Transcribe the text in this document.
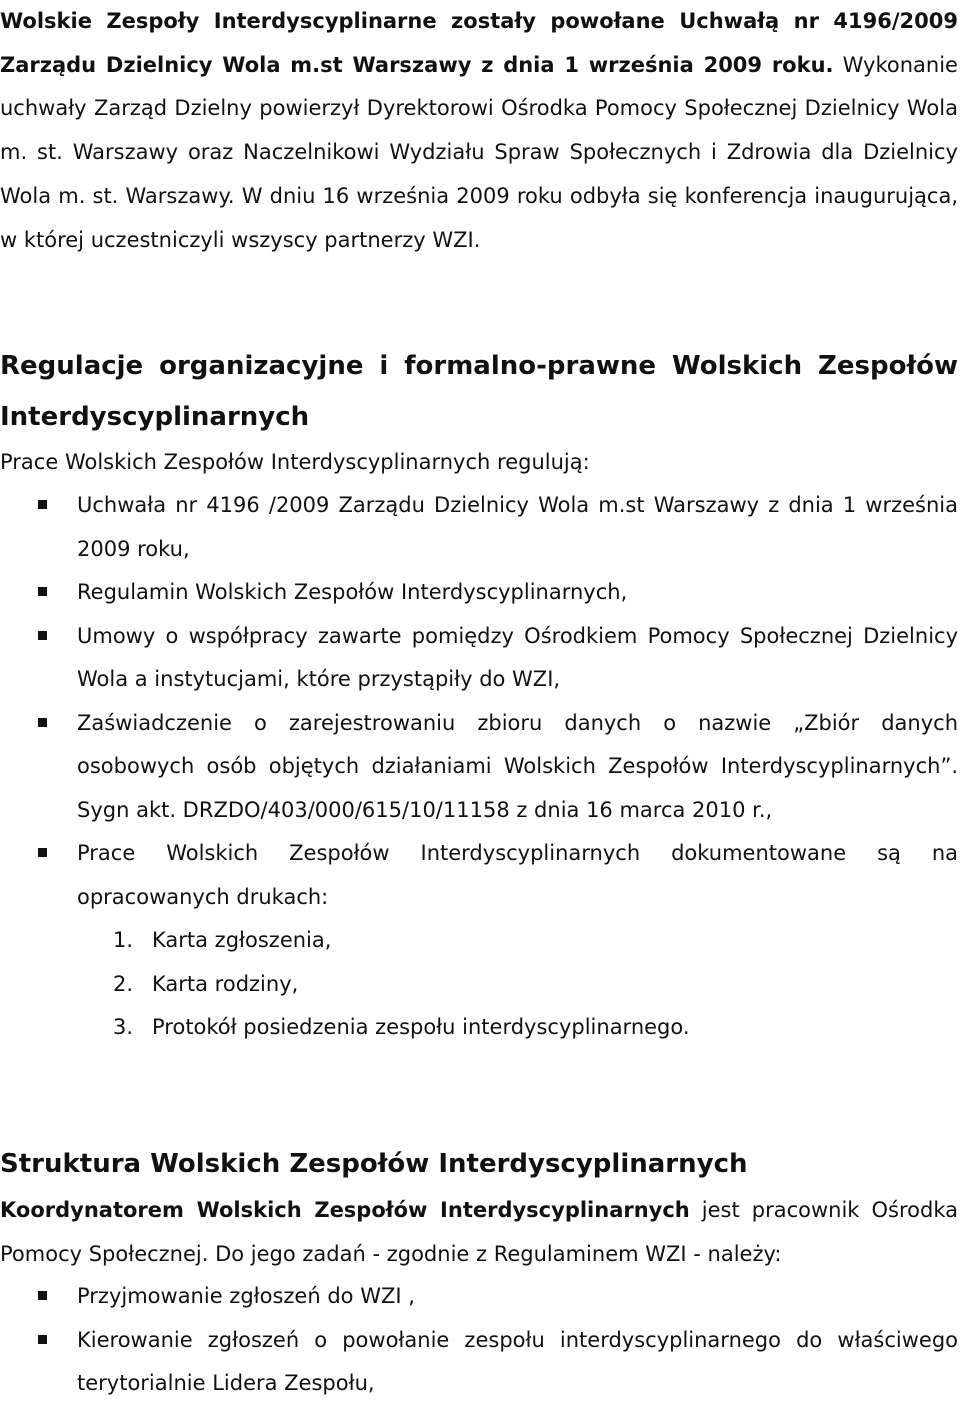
Wolskie Zespoły Interdyscyplinarne zostały powołane Uchwałą nr 4196/2009 Zarządu Dzielnicy Wola m.st Warszawy z dnia 1 września 2009 roku. Wykonanie uchwały Zarząd Dzielny powierzył Dyrektorowi Ośrodka Pomocy Społecznej Dzielnicy Wola m. st. Warszawy oraz Naczelnikowi Wydziału Spraw Społecznych i Zdrowia dla Dzielnicy Wola m. st. Warszawy. W dniu 16 września 2009 roku odbyła się konferencja inaugurująca, w której uczestniczyli wszyscy partnerzy WZI.

Regulacje organizacyjne i formalno-prawne Wolskich Zespołów Interdyscyplinarnych

Prace Wolskich Zespołów Interdyscyplinarnych regulują:

Uchwała nr 4196 /2009 Zarządu Dzielnicy Wola m.st Warszawy z dnia 1 września 2009 roku,
Regulamin Wolskich Zespołów Interdyscyplinarnych,
Umowy o współpracy zawarte pomiędzy Ośrodkiem Pomocy Społecznej Dzielnicy Wola a instytucjami, które przystąpiły do WZI,
Zaświadczenie o zarejestrowaniu zbioru danych o nazwie „Zbiór danych osobowych osób objętych działaniami Wolskich Zespołów Interdyscyplinarnych”. Sygn akt. DRZDO/403/000/615/10/11158 z dnia 16 marca 2010 r.,
Prace Wolskich Zespołów Interdyscyplinarnych dokumentowane są na opracowanych drukach:
1. Karta zgłoszenia,
2. Karta rodziny,
3. Protokół posiedzenia zespołu interdyscyplinarnego.
Struktura Wolskich Zespołów Interdyscyplinarnych

Koordynatorem Wolskich Zespołów Interdyscyplinarnych jest pracownik Ośrodka Pomocy Społecznej. Do jego zadań - zgodnie z Regulaminem WZI - należy:

Przyjmowanie zgłoszeń do WZI ,
Kierowanie zgłoszeń o powołanie zespołu interdyscyplinarnego do właściwego terytorialnie Lidera Zespołu,
